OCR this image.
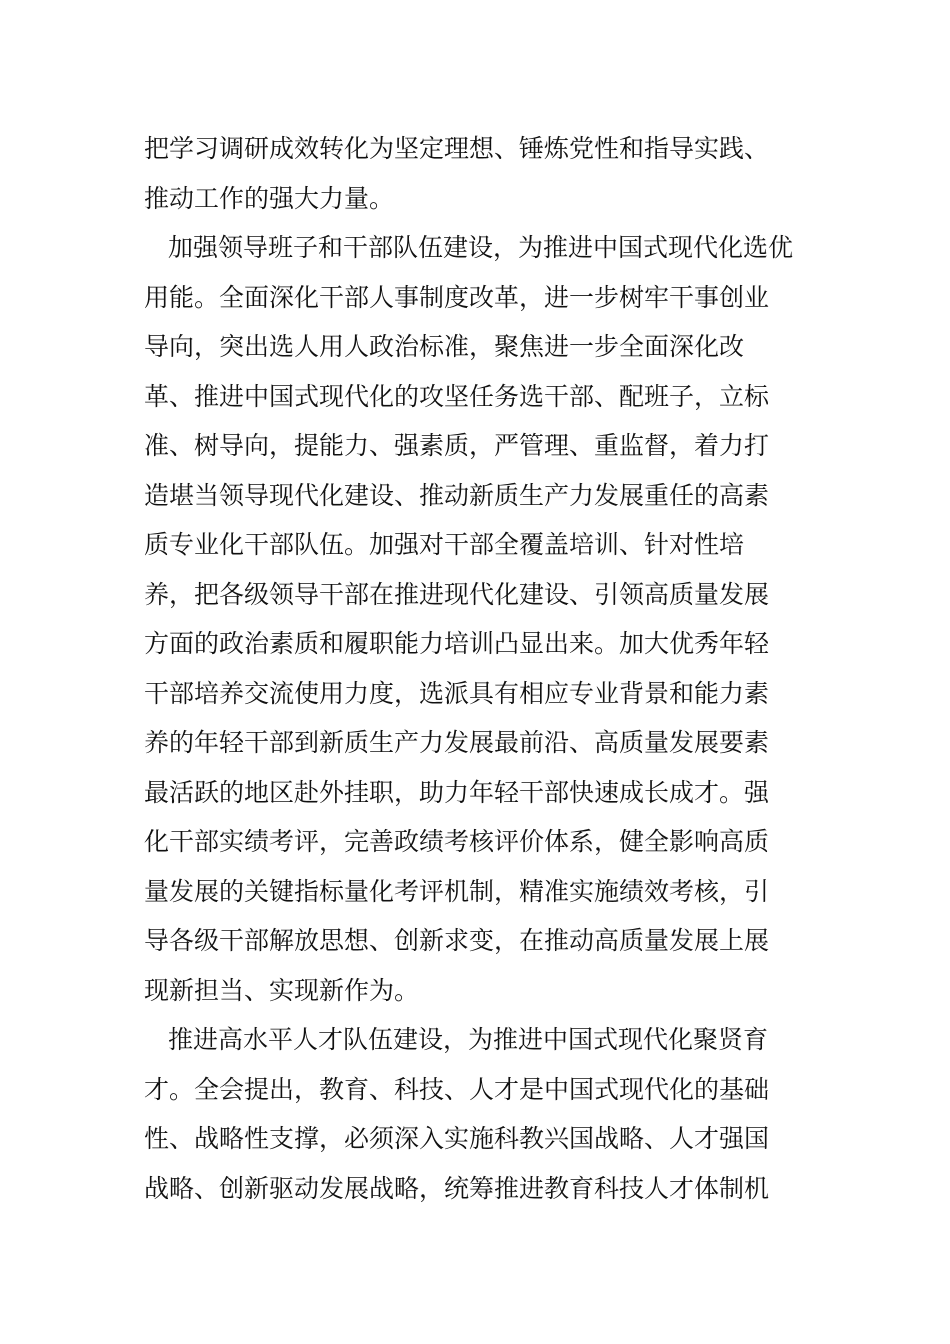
把学习调研成效转化为坚定理想、锤炼党性和指导实践、
推动工作的强大力量。
加强领导班子和干部队伍建设，为推进中国式现代化选优
用能。全面深化干部人事制度改革，进一步树牢干事创业
导向，突出选人用人政治标准，聚焦进一步全面深化改
革、推进中国式现代化的攻坚任务选干部、配班子，立标
准、树导向，提能力、强素质，严管理、重监督，着力打
造堪当领导现代化建设、推动新质生产力发展重任的高素
质专业化干部队伍。加强对干部全覆盖培训、针对性培
养，把各级领导干部在推进现代化建设、引领高质量发展
方面的政治素质和履职能力培训凸显出来。加大优秀年轻
干部培养交流使用力度，选派具有相应专业背景和能力素
养的年轻干部到新质生产力发展最前沿、高质量发展要素
最活跃的地区赴外挂职，助力年轻干部快速成长成才。强
化干部实绩考评，完善政绩考核评价体系，健全影响高质
量发展的关键指标量化考评机制，精准实施绩效考核，引
导各级干部解放思想、创新求变，在推动高质量发展上展
现新担当、实现新作为。
推进高水平人才队伍建设，为推进中国式现代化聚贤育
才。全会提出，教育、科技、人才是中国式现代化的基础
性、战略性支撑，必须深入实施科教兴国战略、人才强国
战略、创新驱动发展战略，统筹推进教育科技人才体制机
